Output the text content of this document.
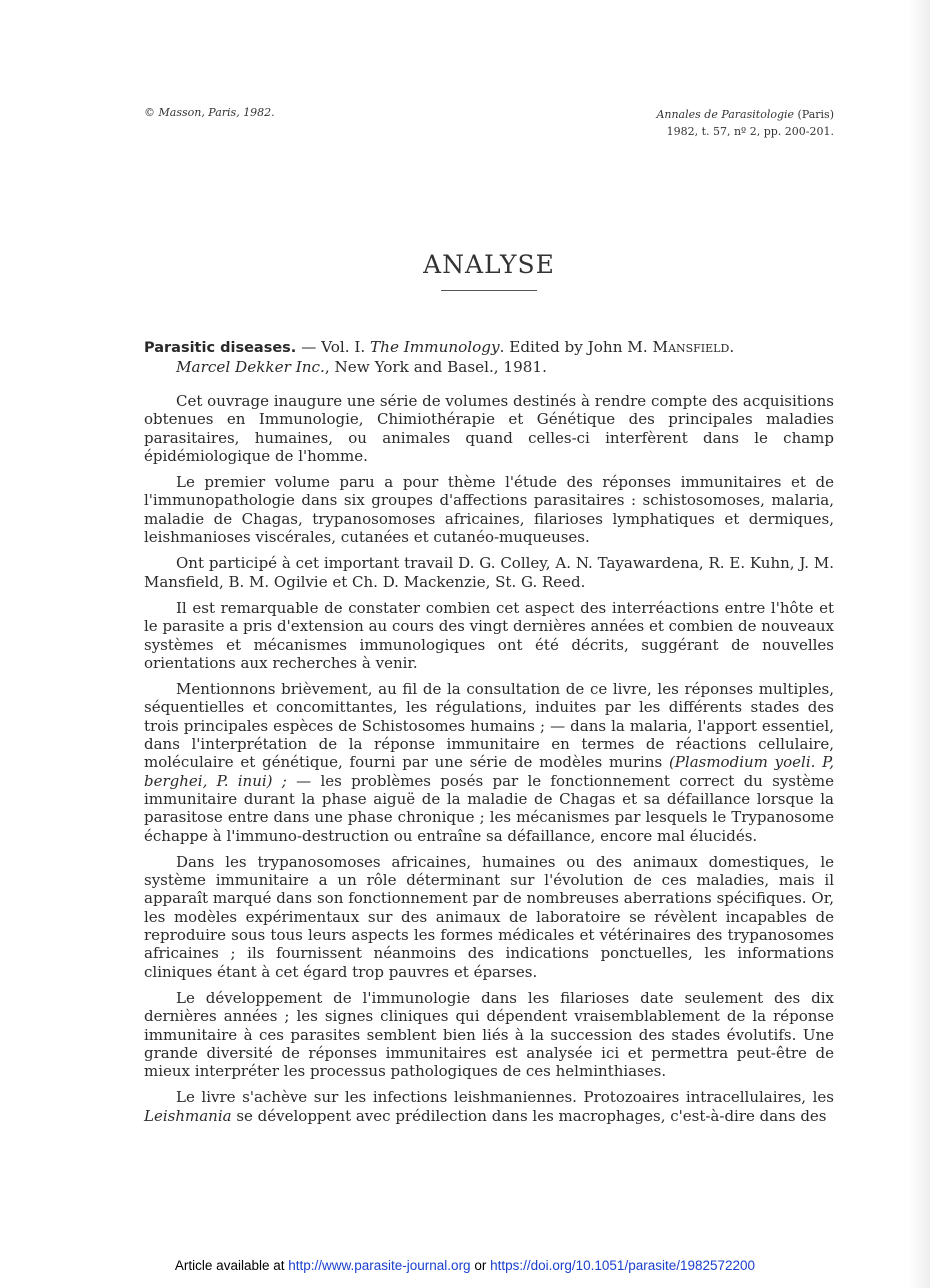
© Masson, Paris, 1982.	Annales de Parasitologie (Paris)
1982, t. 57, nº 2, pp. 200-201.
ANALYSE
Parasitic diseases. — Vol. I. The Immunology. Edited by John M. Mansfield.
Marcel Dekker Inc., New York and Basel., 1981.

Cet ouvrage inaugure une série de volumes destinés à rendre compte des acquisitions obtenues en Immunologie, Chimiothérapie et Génétique des principales maladies parasitaires, humaines, ou animales quand celles-ci interfèrent dans le champ épidémiologique de l'homme.

Le premier volume paru a pour thème l'étude des réponses immunitaires et de l'immunopathologie dans six groupes d'affections parasitaires : schistosomoses, malaria, maladie de Chagas, trypanosomoses africaines, filarioses lymphatiques et dermiques, leishmanioses viscérales, cutanées et cutanéo-muqueuses.

Ont participé à cet important travail D. G. Colley, A. N. Tayawardena, R. E. Kuhn, J. M. Mansfield, B. M. Ogilvie et Ch. D. Mackenzie, St. G. Reed.

Il est remarquable de constater combien cet aspect des interréactions entre l'hôte et le parasite a pris d'extension au cours des vingt dernières années et combien de nouveaux systèmes et mécanismes immunologiques ont été décrits, suggérant de nouvelles orientations aux recherches à venir.

Mentionnons brièvement, au fil de la consultation de ce livre, les réponses multiples, séquentielles et concomittantes, les régulations, induites par les différents stades des trois principales espèces de Schistosomes humains ; — dans la malaria, l'apport essentiel, dans l'interprétation de la réponse immunitaire en termes de réactions cellulaire, moléculaire et génétique, fourni par une série de modèles murins (Plasmodium yoeli. P, berghei, P. inui) ; — les problèmes posés par le fonctionnement correct du système immunitaire durant la phase aiguë de la maladie de Chagas et sa défaillance lorsque la parasitose entre dans une phase chronique ; les mécanismes par lesquels le Trypanosome échappe à l'immuno-destruction ou entraîne sa défaillance, encore mal élucidés.

Dans les trypanosomoses africaines, humaines ou des animaux domestiques, le système immunitaire a un rôle déterminant sur l'évolution de ces maladies, mais il apparaît marqué dans son fonctionnement par de nombreuses aberrations spécifiques. Or, les modèles expérimentaux sur des animaux de laboratoire se révèlent incapables de reproduire sous tous leurs aspects les formes médicales et vétérinaires des trypanosomes africaines ; ils fournissent néanmoins des indications ponctuelles, les informations cliniques étant à cet égard trop pauvres et éparses.

Le développement de l'immunologie dans les filarioses date seulement des dix dernières années ; les signes cliniques qui dépendent vraisemblablement de la réponse immunitaire à ces parasites semblent bien liés à la succession des stades évolutifs. Une grande diversité de réponses immunitaires est analysée ici et permettra peut-être de mieux interpréter les processus pathologiques de ces helminthiases.

Le livre s'achève sur les infections leishmaniennes. Protozoaires intracellulaires, les Leishmania se développent avec prédilection dans les macrophages, c'est-à-dire dans des

Article available at http://www.parasite-journal.org or https://doi.org/10.1051/parasite/1982572200
